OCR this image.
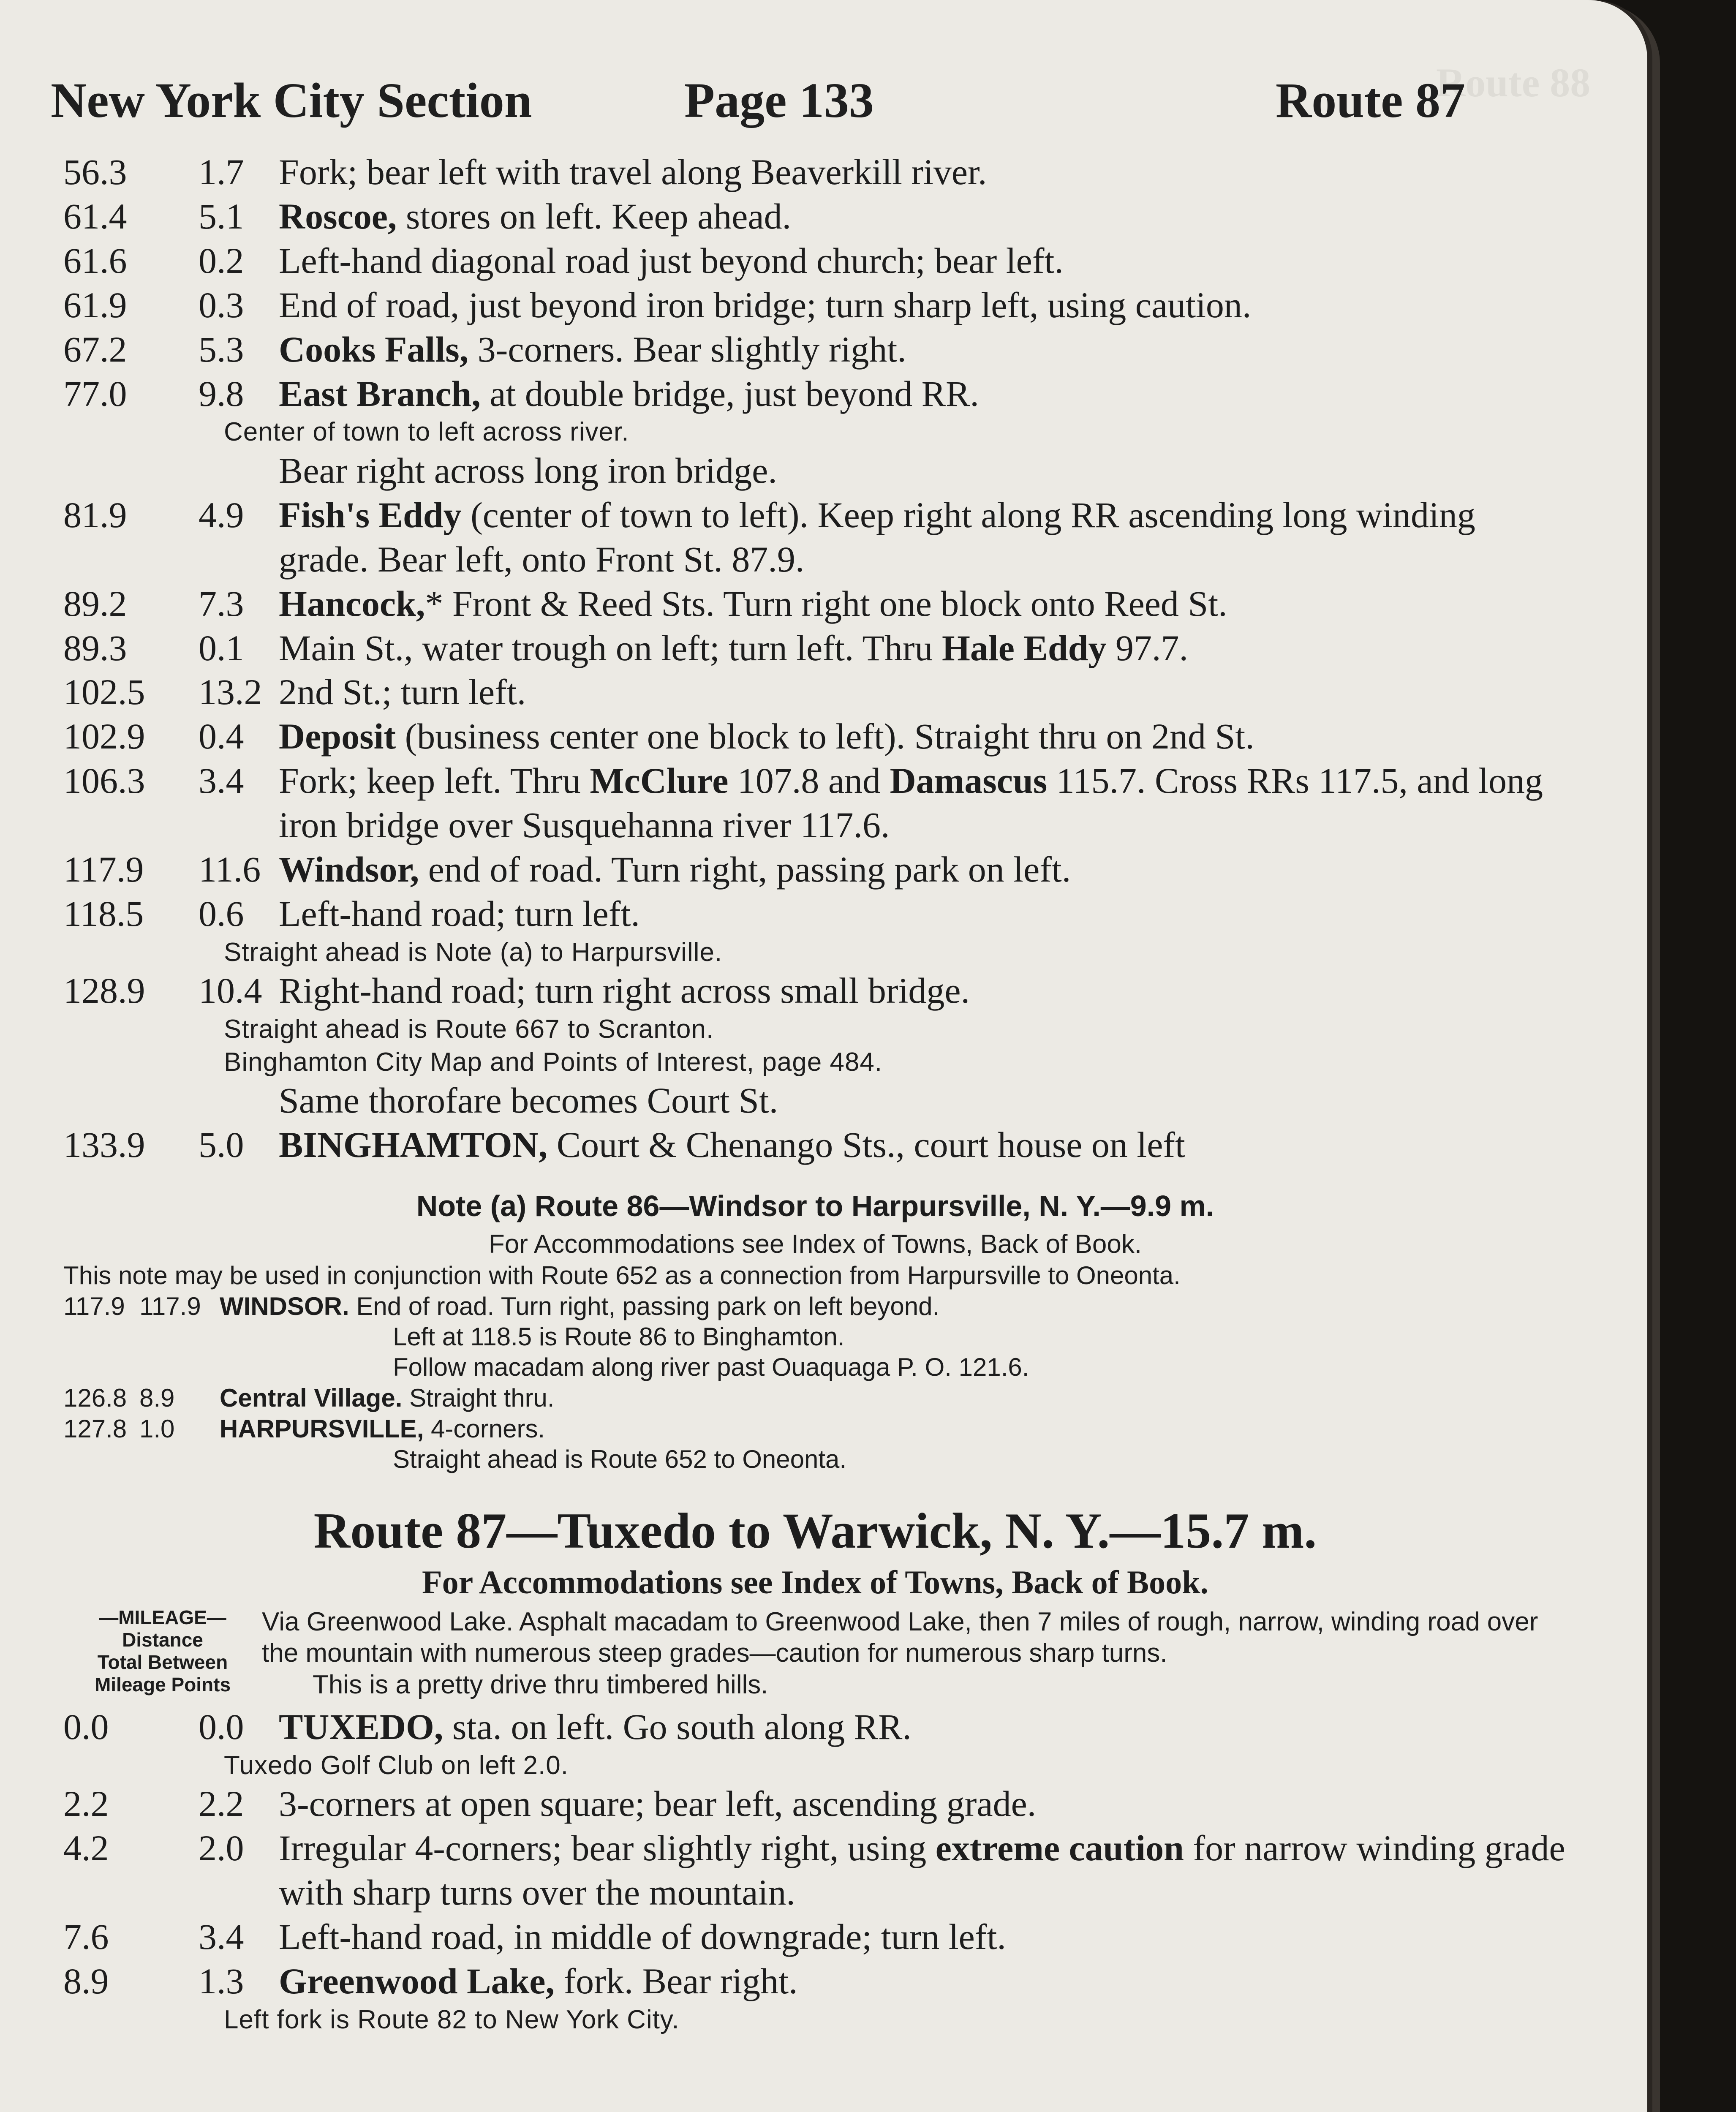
Route 88
New York City Section	Page 133	Route 87
56.3	1.7 Fork; bear left with travel along Beaverkill river.
61.4	5.1 Roscoe, stores on left. Keep ahead.
61.6	0.2 Left-hand diagonal road just beyond church; bear left.
61.9	0.3 End of road, just beyond iron bridge; turn sharp left, using caution.
67.2	5.3 Cooks Falls, 3-corners. Bear slightly right.
77.0	9.8 East Branch, at double bridge, just beyond RR.
Center of town to left across river.
Bear right across long iron bridge.
81.9	4.9 Fish's Eddy (center of town to left). Keep right along RR ascending long winding grade. Bear left, onto Front St. 87.9.
89.2	7.3 Hancock,* Front & Reed Sts. Turn right one block onto Reed St.
89.3	0.1 Main St., water trough on left; turn left. Thru Hale Eddy 97.7.
102.5	13.2 2nd St.; turn left.
102.9	0.4 Deposit (business center one block to left). Straight thru on 2nd St.
106.3	3.4 Fork; keep left. Thru McClure 107.8 and Damascus 115.7. Cross RRs 117.5, and long iron bridge over Susquehanna river 117.6.
117.9	11.6 Windsor, end of road. Turn right, passing park on left.
118.5	0.6 Left-hand road; turn left.
Straight ahead is Note (a) to Harpursville.
128.9	10.4 Right-hand road; turn right across small bridge.
Straight ahead is Route 667 to Scranton.
Binghamton City Map and Points of Interest, page 484.
Same thorofare becomes Court St.
133.9	5.0 BINGHAMTON, Court & Chenango Sts., court house on left
Note (a) Route 86—Windsor to Harpursville, N. Y.—9.9 m.
For Accommodations see Index of Towns, Back of Book.
This note may be used in conjunction with Route 652 as a connection from Harpursville to Oneonta.
117.9 117.9 WINDSOR. End of road. Turn right, passing park on left beyond.
Left at 118.5 is Route 86 to Binghamton.
Follow macadam along river past Ouaquaga P. O. 121.6.
126.8 8.9	Central Village. Straight thru.
127.8 1.0	HARPURSVILLE, 4-corners.
Straight ahead is Route 652 to Oneonta.
Route 87—Tuxedo to Warwick, N. Y.—15.7 m.
For Accommodations see Index of Towns, Back of Book.
—MILEAGE—
Distance
Total Between
Mileage Points
Via Greenwood Lake. Asphalt macadam to Greenwood Lake, then 7 miles of rough, narrow, winding road over the mountain with numerous steep grades—caution for numerous sharp turns.
This is a pretty drive thru timbered hills.
0.0	0.0 TUXEDO, sta. on left. Go south along RR.
Tuxedo Golf Club on left 2.0.
2.2	2.2 3-corners at open square; bear left, ascending grade.
4.2	2.0 Irregular 4-corners; bear slightly right, using extreme caution for narrow winding grade with sharp turns over the mountain.
7.6	3.4 Left-hand road, in middle of downgrade; turn left.
8.9	1.3 Greenwood Lake, fork. Bear right.
Left fork is Route 82 to New York City.
